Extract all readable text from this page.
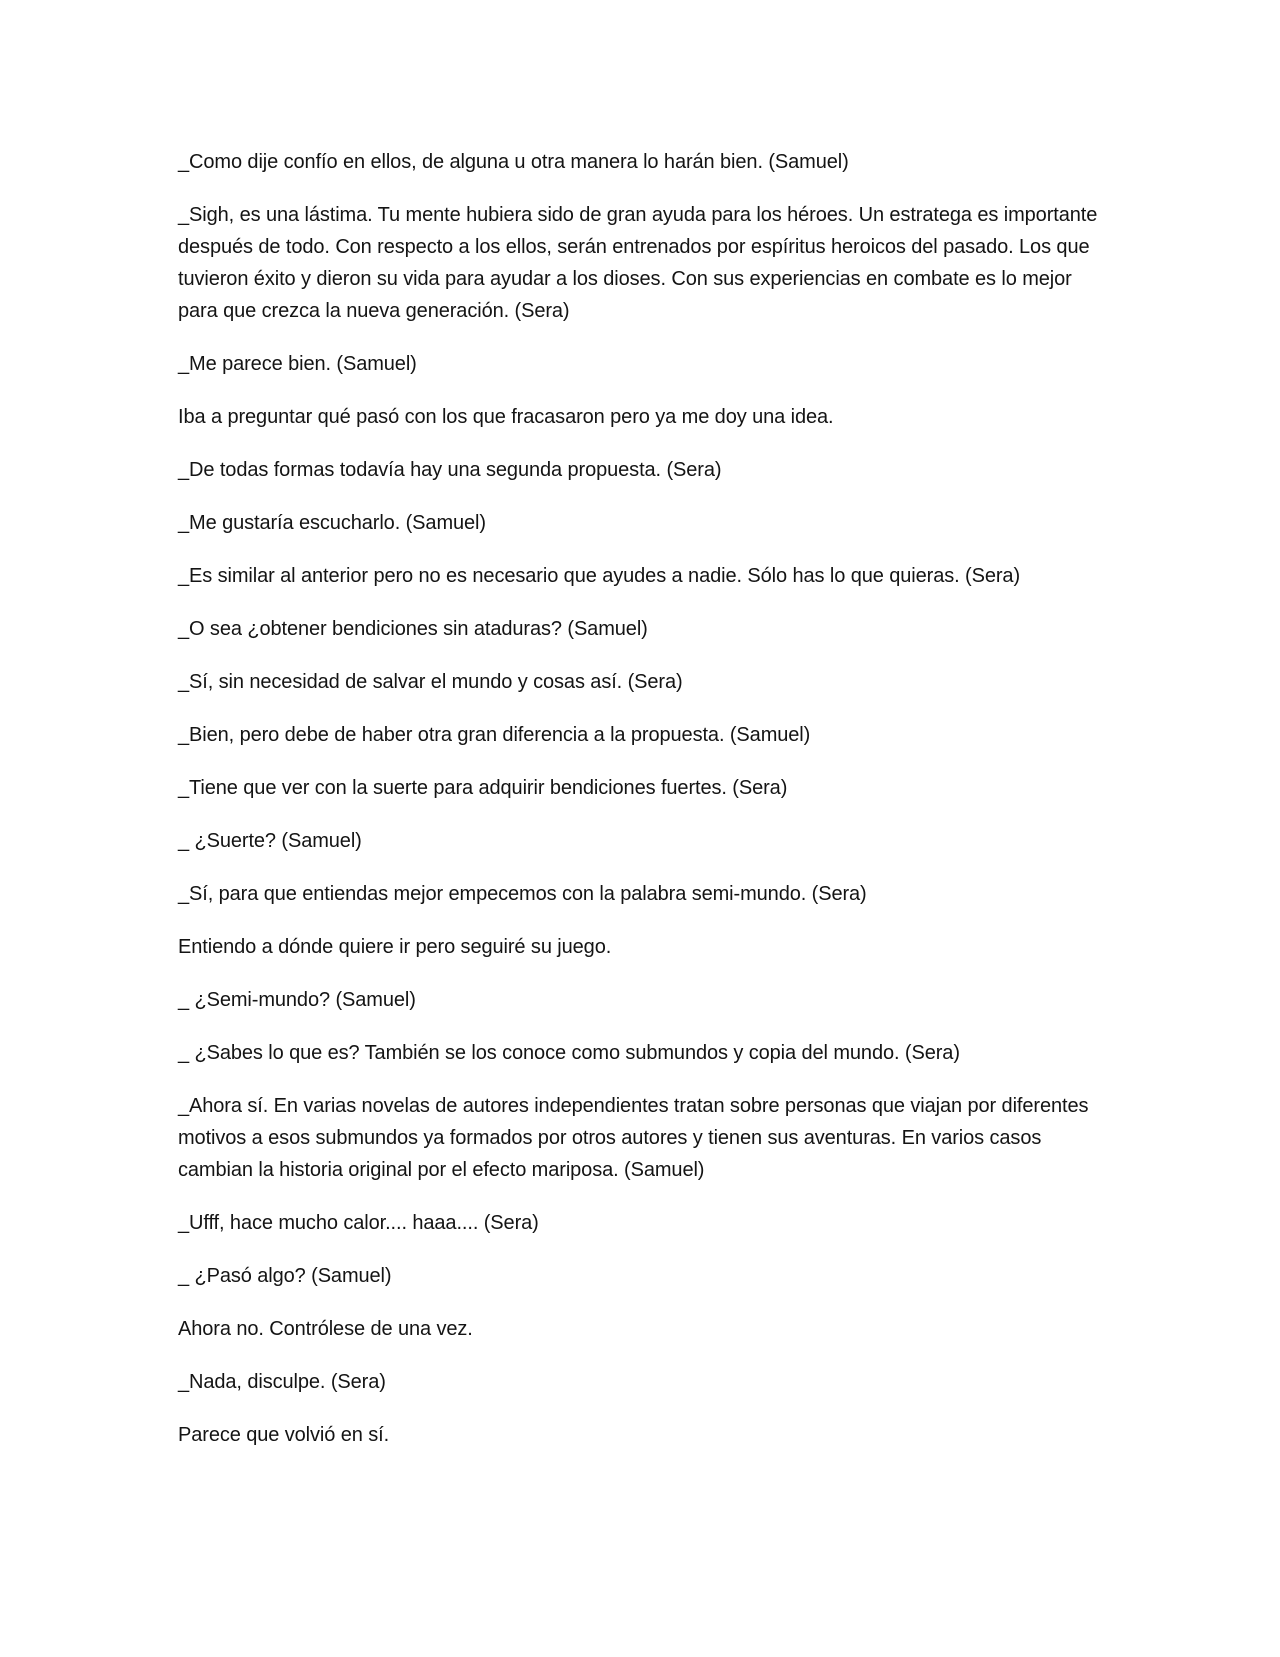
_Como dije confío en ellos, de alguna u otra manera lo harán bien. (Samuel)

_Sigh, es una lástima. Tu mente hubiera sido de gran ayuda para los héroes. Un estratega es importante después de todo. Con respecto a los ellos, serán entrenados por espíritus heroicos del pasado. Los que tuvieron éxito y dieron su vida para ayudar a los dioses. Con sus experiencias en combate es lo mejor para que crezca la nueva generación. (Sera)

_Me parece bien. (Samuel)

Iba a preguntar qué pasó con los que fracasaron pero ya me doy una idea.

_De todas formas todavía hay una segunda propuesta. (Sera)

_Me gustaría escucharlo. (Samuel)

_Es similar al anterior pero no es necesario que ayudes a nadie. Sólo has lo que quieras. (Sera)

_O sea ¿obtener bendiciones sin ataduras? (Samuel)

_Sí, sin necesidad de salvar el mundo y cosas así. (Sera)

_Bien, pero debe de haber otra gran diferencia a la propuesta. (Samuel)

_Tiene que ver con la suerte para adquirir bendiciones fuertes. (Sera)

_ ¿Suerte? (Samuel)

_Sí, para que entiendas mejor empecemos con la palabra semi-mundo. (Sera)

Entiendo a dónde quiere ir pero seguiré su juego.

_ ¿Semi-mundo? (Samuel)

_ ¿Sabes lo que es? También se los conoce como submundos y copia del mundo. (Sera)

_Ahora sí. En varias novelas de autores independientes tratan sobre personas que viajan por diferentes motivos a esos submundos ya formados por otros autores y tienen sus aventuras. En varios casos cambian la historia original por el efecto mariposa. (Samuel)

_Ufff, hace mucho calor.... haaa.... (Sera)

_ ¿Pasó algo? (Samuel)

Ahora no. Contrólese de una vez.

_Nada, disculpe. (Sera)

Parece que volvió en sí.
